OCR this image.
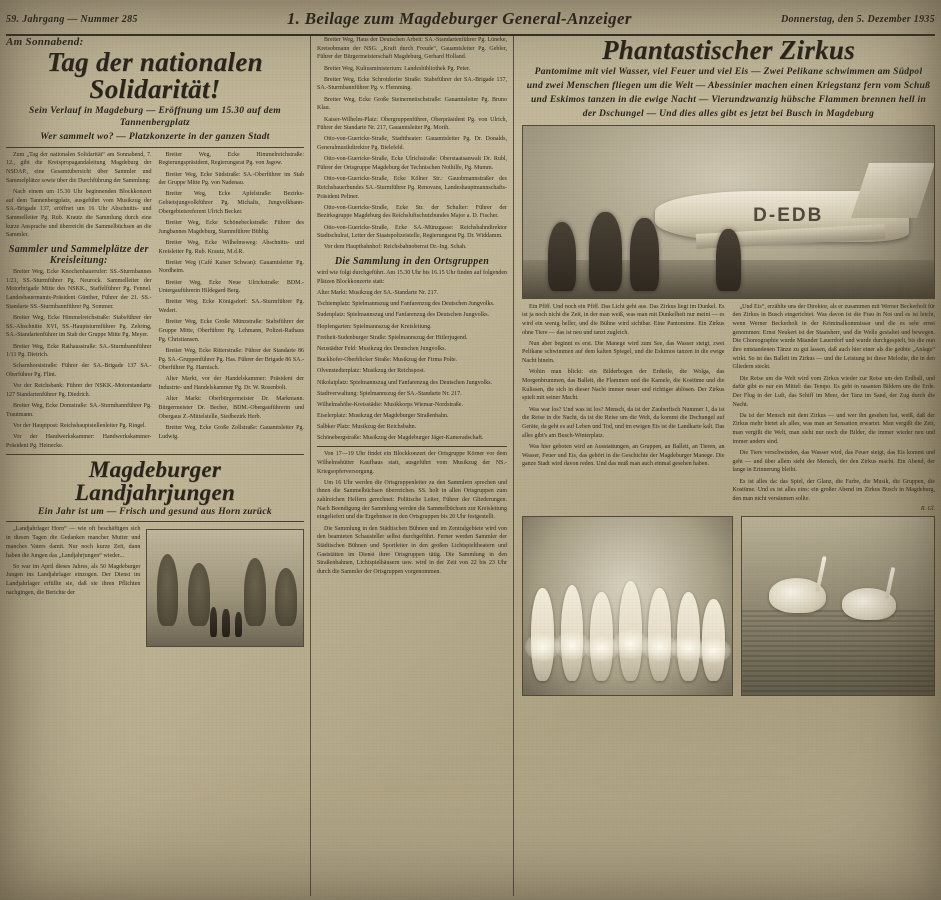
59. Jahrgang — Nummer 285	1. Beilage zum Magdeburger General-Anzeiger	Donnerstag, den 5. Dezember 1935
Am Sonnabend:
Tag der nationalen Solidarität!
Sein Verlauf in Magdeburg — Eröffnung um 15.30 auf dem Tannenbergplatz
Wer sammelt wo? — Platzkonzerte in der ganzen Stadt

Zum „Tag der nationalen Solidarität“ am Sonnabend, 7. 12., gibt die Kreispropagandaleitung Magdeburg der NSDAP., eine Gesamtübersicht über Sammler und Sammelplätze sowie über die Durchführung der Sammlung:

Nach einem um 15.30 Uhr beginnenden Blockkonzert auf dem Tannenbergplatz, ausgeführt vom Musikzug der SA.-Brigade 137, eröffnet um 16 Uhr Abschnitts- und Sammelleiter Pg. Rub. Krautz die Sammlung durch eine kurze Ansprache und überreicht die Sammelbüchsen an die Sammler.

Sammler und Sammelplätze der Kreisleitung:

Breiter Weg, Ecke Knochenhauerufer: SS.-Sturmbannes 1/21, SS.-Sturmführer Pg. Neurock. Sammelleiter der Motorbrigade Mitte des NSKK., Staffelführer Pg. Fennel. Landesbauernamts-Präsident Günther, Führer der 21. SS.-Standarte SS.-Sturmbannführer Pg. Sommer.

Breiter Weg, Ecke Himmelreichstraße: Stabsführer der SS.-Abschnitte XVI, SS.-Hauptsturmführer Pg. Zehring, SA.-Standartenführer im Stab der Gruppe Mitte Pg. Meyer.

Breiter Weg, Ecke Rathausstraße: SA.-Sturmbannführer 1/11 Pg. Dietrich.

Scharnhorststraße: Führer der SA.-Brigade 137 SA.-Oberführer Pg. Flint.

Vor der Reichsbank: Führer der NSKK.-Motorstandarte 127 Standartenführer Pg. Diedrich.

Breiter Weg, Ecke Domstraße: SA.-Sturmbannführer Pg. Trautmann.

Vor der Hauptpost: Reichshauptstellenleiter Pg. Ringel.

Vor der Handwerkskammer: Handwerkskammer-Präsident Pg. Heinecke.

Breiter Weg, Ecke Himmelreichstraße: Regierungspräsident, Regierungsrat Pg. von Jagow.

Breiter Weg, Ecke Südstraße: SA.-Oberführer im Stab der Gruppe Mitte Pg. von Nadenau.

Breiter Weg, Ecke Apfelstraße: Bezirks-Gebietsjungvolkführer Pg. Michalis, Jungvolkbann-Obergebietsreferent Ulrich Becker.

Breiter Weg, Ecke Schönebeckstraße: Führer des Jungbannes Magdeburg, Stammführer Bühlig.

Breiter Weg, Ecke Wilhelmsweg: Abschnitts- und Kreisleiter Pg. Rub. Krautz, M.d.R.

Breiter Weg (Café Kaiser Schwan): Gauamtsleiter Pg. Nordheim.

Breiter Weg, Ecke Neue Ulrichstraße: BDM.-Untergauführerin Hildegard Berg.

Breiter Weg, Ecke Königsdorf: SA.-Sturmführer Pg. Wedert.

Breiter Weg, Ecke Große Münzstraße: Stabsführer der Gruppe Mitte, Oberführer Pg. Lehmann, Polizei-Rathaus Pg. Christiansen.

Breiter Weg, Ecke Ritterstraße: Führer der Standarte 86 Pg. SA.-Gruppenführer Pg. Has. Führer der Brigade 86 SA.-Oberführer Pg. Harnisch.

Alter Markt, vor der Handelskammer: Präsident der Industrie- und Handelskammer Pg. Dr. W. Rosenbolt.

Alter Markt: Oberbürgermeister Dr. Markmann. Bürgermeister Dr. Becher, BDM.-Obergauführerin und Obergaus Z.-Mittelstelle, Siedbezirk Herb.

Breiter Weg, Ecke Große Zollstraße: Gauamtsleiter Pg. Ludwig.

Magdeburger Landjahrjungen
Ein Jahr ist um — Frisch und gesund aus Horn zurück

„Landjahrlager Horn“ — wie oft beschäftigen sich in diesen Tagen die Gedanken mancher Mutter und manches Vaters damit. Nur noch kurze Zeit, dann haben die Jungen das „Landjahrjungen“ wieder...

So war im April dieses Jahres, als 50 Magdeburger Jungen ins Landjahrlager einzogen. Der Dienst im Landjahrlager erfüllte sie, daß sie ihren Pflichten nachgingen, die Berichte der

Breiter Weg, Haus der Deutschen Arbeit: SA.-Standartenführer Pg. Lüneke, Kreisobmann der NSG. „Kraft durch Freude“, Gauamtsleiter Pg. Gebler, Führer der Bürgermeisterschaft Magdeburg, Gerhard Holland.

Breiter Weg, Kultusministerium: Landesbibliothek Pg. Peter.

Breiter Weg, Ecke Schrotdorfer Straße: Stabsführer der SA.-Brigade 137, SA.-Sturmbannführer Pg. v. Flemming.

Breiter Weg, Ecke Große Steinernetischstraße: Gauamtsleiter Pg. Bruno Klau.

Kaiser-Wilhelm-Platz: Obergruppenführer, Oberpräsident Pg. von Ulrich, Führer der Standarte Nr. 217, Gauamtsleiter Pg. Morih.

Otto-von-Guericke-Straße, Stadttheater: Gauamtsleiter Pg. Dr. Donalds, Generalmusikdirektor Pg. Bielefeld.

Otto-von-Guericke-Straße, Ecke Ulrichstraße: Oberstaatsanwalt Dr. Rubl, Führer der Ortsgruppe Magdeburg der Technischen Nothilfe, Pg. Mumm.

Otto-von-Guericke-Straße, Ecke Kölner Str.: Gauobmannstraßer des Reichsbauerbundes SA.-Sturmführer Pg. Renovans, Landeshauptmannschafts-Präsident Peltner.

Otto-von-Guericke-Straße, Ecke Str. der Schulter: Führer der Bezirksgruppe Magdeburg des Reichsluftschutzbundes Major a. D. Fischer.

Otto-von-Guericke-Straße, Ecke SA.-Münzgasse: Reichsbahndirektor Stadtschulrat, Leiter der Staatspolizeistelle, Regierungsrat Pg. Dr. Widdamm.

Vor dem Hauptbahnhof: Reichsbahnoberrat Dr.-Ing. Schah.

Die Sammlung in den Ortsgruppen

wird wie folgt durchgeführt. Am 15.30 Uhr bis 16.15 Uhr finden auf folgenden Plätzen Blockkonzerte statt:

Alter Markt: Musikzug der SA.-Standarte Nr. 217.

Tschiemplatz: Spielmannszug und Fanfarenzug des Deutschen Jungvolks.

Sudenplatz: Spielmannszug und Fanfarenzug des Deutschen Jungvolks.

Hopfengarten: Spielmannszug der Kreisleitung.

Freiheit-Sudenburger Straße: Spielmannszug der Hitlerjugend.

Neustädter Feld: Musikzug des Deutschen Jungvolks.

Buckhofer-Oberblicker Straße: Musikzug der Firma Polte.

Olvenstedterplatz: Musikzug der Reichspost.

Nikolaiplatz: Spielmannszug und Fanfarenzug des Deutschen Jungvolks.

Stadtverwaltung: Spielmannszug der SA.-Standarte Nr. 217.

Wilhelmshöhe-Kreisstädte: Musikkorps Wiemar-Nordstraße.

Eiselerplatz: Musikzug der Magdeburger Straßenbahn.

Salbker Platz: Musikzug der Reichsbahn.

Schönebergstraße: Musikzug der Magdeburger Jäger-Kameradschaft.

Von 17—19 Uhr findet ein Blockkonzert der Ortsgruppe Körner vor dem Wilhelmshütter Kaufhaus statt, ausgeführt vom Musikzug der NS.-Kriegsopferversorgung.

Um 16 Uhr werden die Ortsgruppenleiter zu den Sammlern sprechen und ihnen die Sammelbüchsen überreichen. SS. holt in allen Ortsgruppen zum zahlreichen Helfern gerechnet: Politische Leiter, Führer der Gliederungen. Nach Beendigung der Sammlung werden die Sammelbüchsen zur Kreisleitung eingeliefert und die Ergebnisse in den Ortsgruppen bis 20 Uhr festgestellt.

Die Sammlung in den Städtischen Bühnen und im Zentralgebiete wird von den beamteten Schausteller selbst durchgeführt. Ferner werden Sammler der Städtischen Bühnen und Sportleiter in den großen Lichtspieltheatern und Gaststätten im Dienst ihrer Ortsgruppen tätig. Die Sammlung in den Straßenbahnen, Lichtspielhäusern usw. wird in der Zeit von 22 bis 23 Uhr durch die Sammler der Ortsgruppen vorgenommen.

Phantastischer Zirkus
Pantomime mit viel Wasser, viel Feuer und viel Eis — Zwei Pelikane schwimmen am Südpol
und zwei Menschen fliegen um die Welt — Abessinier machen einen Kriegstanz fern vom Schuß
und Eskimos tanzen in die ewige Nacht — Vierundzwanzig hübsche Flammen brennen hell in
der Dschungel — Und dies alles gibt es jetzt bei Busch in Magdeburg
D-EDB

Ein Pfiff. Und noch ein Pfiff. Das Licht geht aus. Das Zirkus liegt im Dunkel. Es ist ja noch nicht die Zeit, in der man weiß, was man mit Dunkelheit nur meint — es wird ein wenig heller, und die Bühne wird sichtbar. Eine Pantomime. Ein Zirkus ohne Tiere — das ist neu und tanzt zugleich.

Nun aber beginnt es erst. Die Manege wird zum See, das Wasser steigt, zwei Pelikane schwimmen auf dem kalten Spiegel, und die Eskimos tanzen in die ewige Nacht hinein.

Wohin man blickt: ein Bilderbogen der Erdteile, die Wolga, das Morgenbrummen, das Ballett, die Flammen und die Kamele, die Kostüme und die Kulissen, die sich in dieser Nacht immer neuer und richtiger ablösen. Der Zirkus spielt mit seiner Macht.

Was war los? Und was ist los? Mensch, da ist der Zauberfisch Nummer 1, da ist die Reise in die Nacht, da ist die Reise um die Welt, da kommt die Dschungel auf Geräte, da geht es auf Leben und Tod, und im ewigen Eis ist die Landkarte kalt. Das alles gibt's am Busch-Winterplatz.

Was hier geboten wird an Ausstattungen, an Gruppen, an Ballett, an Tieren, an Wasser, Feuer und Eis, das gehört in die Geschichte der Magdeburger Manege. Die ganze Stadt wird davon reden. Und das muß man auch einmal gesehen haben.

„Und Eis“, erzählte uns der Direktor, als er zusammen mit Werner Beckerholt für den Zirkus in Busch eingerichtet. Was davon ist die Frau in Not und es ist leicht, wenn Werner Beckerholt in der Kriminalkommissar und die es sehr ernst genommen: Ernst Neukert ist der Staatsherr, und die Welle gestaltet und bewegen. Die Choreographie wurde Mäander Lauerdorf und wurde durchgespielt, bis die nun ihre entstandenen Tänze zu gut lassen, daß auch hier einer als die geübte „Anlage“ wirkt. So ist das Ballett im Zirkus — und die Leistung ist diese Melodie, die in den Gliedern steckt.

Die Reise um die Welt wird vom Zirkus wieder zur Reise um den Erdball, und dafür gibt es nur ein Mittel: das Tempo. Es geht in rasanten Bildern um die Erde. Der Flug in der Luft, das Schiff im Meer, der Tanz im Sand, der Zug durch die Nacht.

Da ist der Mensch mit dem Zirkus — und wer ihn gesehen hat, weiß, daß der Zirkus mehr bietet als alles, was man an Sensation erwartet. Man vergißt die Zeit, man vergißt die Welt, man sieht nur noch die Bilder, die immer wieder neu und immer anders sind.

Die Tiere verschwinden, das Wasser wird, das Feuer steigt, das Eis kommt und geht — und über allem steht der Mensch, der den Zirkus macht. Ein Abend, der lange in Erinnerung bleibt.

Es ist alles da: das Spiel, der Glanz, die Farbe, die Musik, die Gruppen, die Kostüme. Und es ist alles eins: ein großer Abend im Zirkus Busch in Magdeburg, den man nicht versäumen sollte.

R. Gl.
